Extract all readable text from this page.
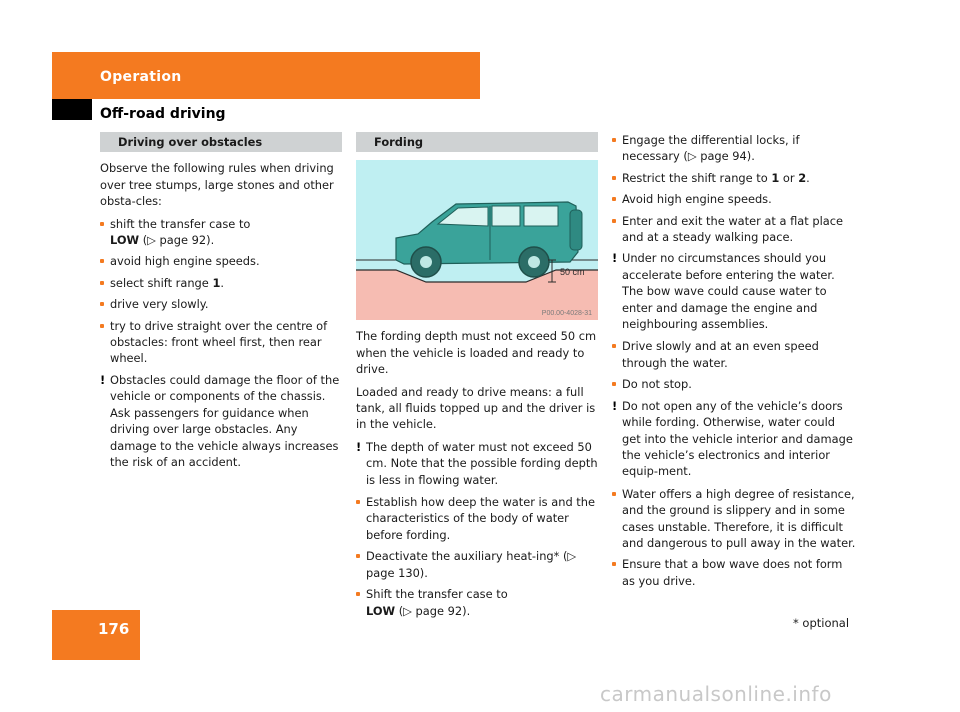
Operation
Off-road driving
Driving over obstacles

Observe the following rules when driving over tree stumps, large stones and other obsta-cles:

shift the transfer case to
LOW (▷ page 92).
avoid high engine speeds.
select shift range 1.
drive very slowly.
try to drive straight over the centre of obstacles: front wheel first, then rear wheel.
! Obstacles could damage the floor of the vehicle or components of the chassis. Ask passengers for guidance when driving over large obstacles. Any damage to the vehicle always increases the risk of an accident.
Fording
50 cm
P00.00-4028-31

The fording depth must not exceed 50 cm when the vehicle is loaded and ready to drive.

Loaded and ready to drive means: a full tank, all fluids topped up and the driver is in the vehicle.

! The depth of water must not exceed 50 cm. Note that the possible fording depth is less in flowing water.
Establish how deep the water is and the characteristics of the body of water before fording.
Deactivate the auxiliary heat-ing* (▷ page 130).
Shift the transfer case to
LOW (▷ page 92).
Engage the differential locks, if necessary (▷ page 94).
Restrict the shift range to 1 or 2.
Avoid high engine speeds.
Enter and exit the water at a flat place and at a steady walking pace.
! Under no circumstances should you accelerate before entering the water. The bow wave could cause water to enter and damage the engine and neighbouring assemblies.
Drive slowly and at an even speed through the water.
Do not stop.
! Do not open any of the vehicle’s doors while fording. Otherwise, water could get into the vehicle interior and damage the vehicle’s electronics and interior equip-ment.
Water offers a high degree of resistance, and the ground is slippery and in some cases unstable. Therefore, it is difficult and dangerous to pull away in the water.
Ensure that a bow wave does not form as you drive.
176	* optional
carmanualsonline.info
